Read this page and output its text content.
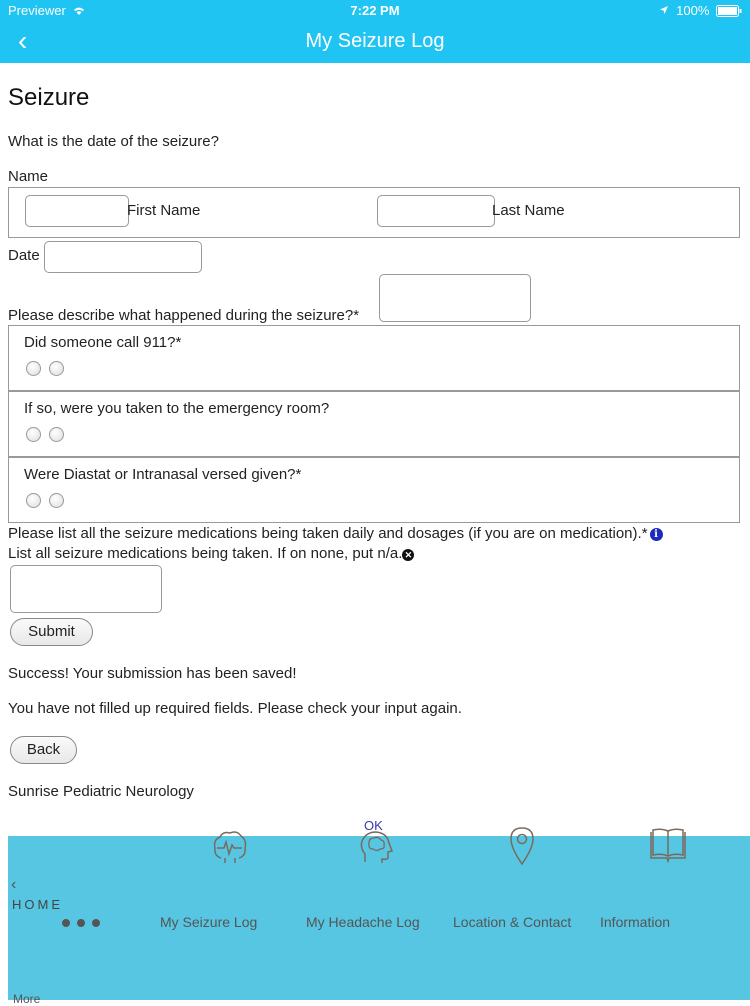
Previewer	7:22 PM	100%
‹	My Seizure Log
Seizure
What is the date of the seizure?
Name
First Name	Last Name
Date
Please describe what happened during the seizure?*
Did someone call 911?*
If so, were you taken to the emergency room?
Were Diastat or Intranasal versed given?*
Please list all the seizure medications being taken daily and dosages (if you are on medication).* i
List all seizure medications being taken. If on none, put n/a. ✕
Submit
Success! Your submission has been saved!
You have not filled up required fields. Please check your input again.
Back
Sunrise Pediatric Neurology
‹
HOME
More
My Seizure Log
OK
My Headache Log Location & Contact Information
